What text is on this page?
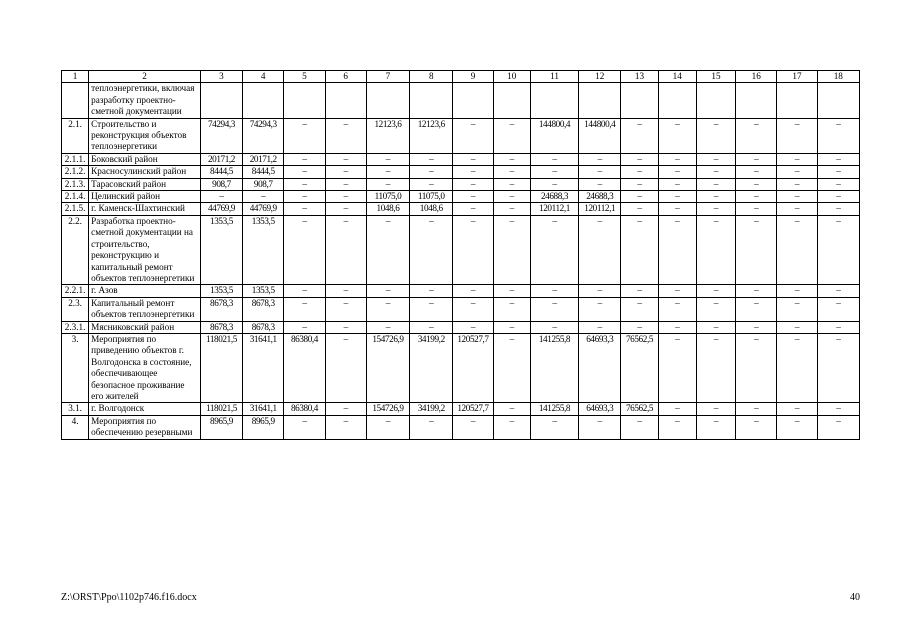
1	2	3	4	5	6	7	8	9	10	11	12	13	14	15	16	17	18
	теплоэнергетики, включая разработку проектно-сметной документации																
2.1.	Строительство и реконструкция объектов теплоэнергетики	74294,3	74294,3	–	–	12123,6	12123,6	–	–	144800,4	144800,4	–	–	–	–	–	–
2.1.1.	Боковский район	20171,2	20171,2	–	–	–	–	–	–	–	–	–	–	–	–	–	–
2.1.2.	Красносулинский район	8444,5	8444,5	–	–	–	–	–	–	–	–	–	–	–	–	–	–
2.1.3.	Тарасовский район	908,7	908,7	–	–	–	–	–	–	–	–	–	–	–	–	–	–
2.1.4.	Целинский район	–	–	–	–	11075,0	11075,0	–	–	24688,3	24688,3	–	–	–	–	–	–
2.1.5.	г. Каменск-Шахтинский	44769,9	44769,9	–	–	1048,6	1048,6	–	–	120112,1	120112,1	–	–	–	–	–	–
2.2.	Разработка проектно-сметной документации на строительство, реконструкцию и капитальный ремонт объектов теплоэнергетики	1353,5	1353,5	–	–	–	–	–	–	–	–	–	–	–	–	–	–
2.2.1.	г. Азов	1353,5	1353,5	–	–	–	–	–	–	–	–	–	–	–	–	–	–
2.3.	Капитальный ремонт объектов теплоэнергетики	8678,3	8678,3	–	–	–	–	–	–	–	–	–	–	–	–	–	–
2.3.1.	Мясниковский район	8678,3	8678,3	–	–	–	–	–	–	–	–	–	–	–	–	–	–
3.	Мероприятия по приведению объектов г. Волгодонска в состояние, обеспечивающее безопасное проживание его жителей	118021,5	31641,1	86380,4	–	154726,9	34199,2	120527,7	–	141255,8	64693,3	76562,5	–	–	–	–	–
3.1.	г. Волгодонск	118021,5	31641,1	86380,4	–	154726,9	34199,2	120527,7	–	141255,8	64693,3	76562,5	–	–	–	–	–
4.	Мероприятия по обеспечению резервными	8965,9	8965,9	–	–	–	–	–	–	–	–	–	–	–	–	–	–
Z:\ORST\Ppo\1102p746.f16.docx	40
